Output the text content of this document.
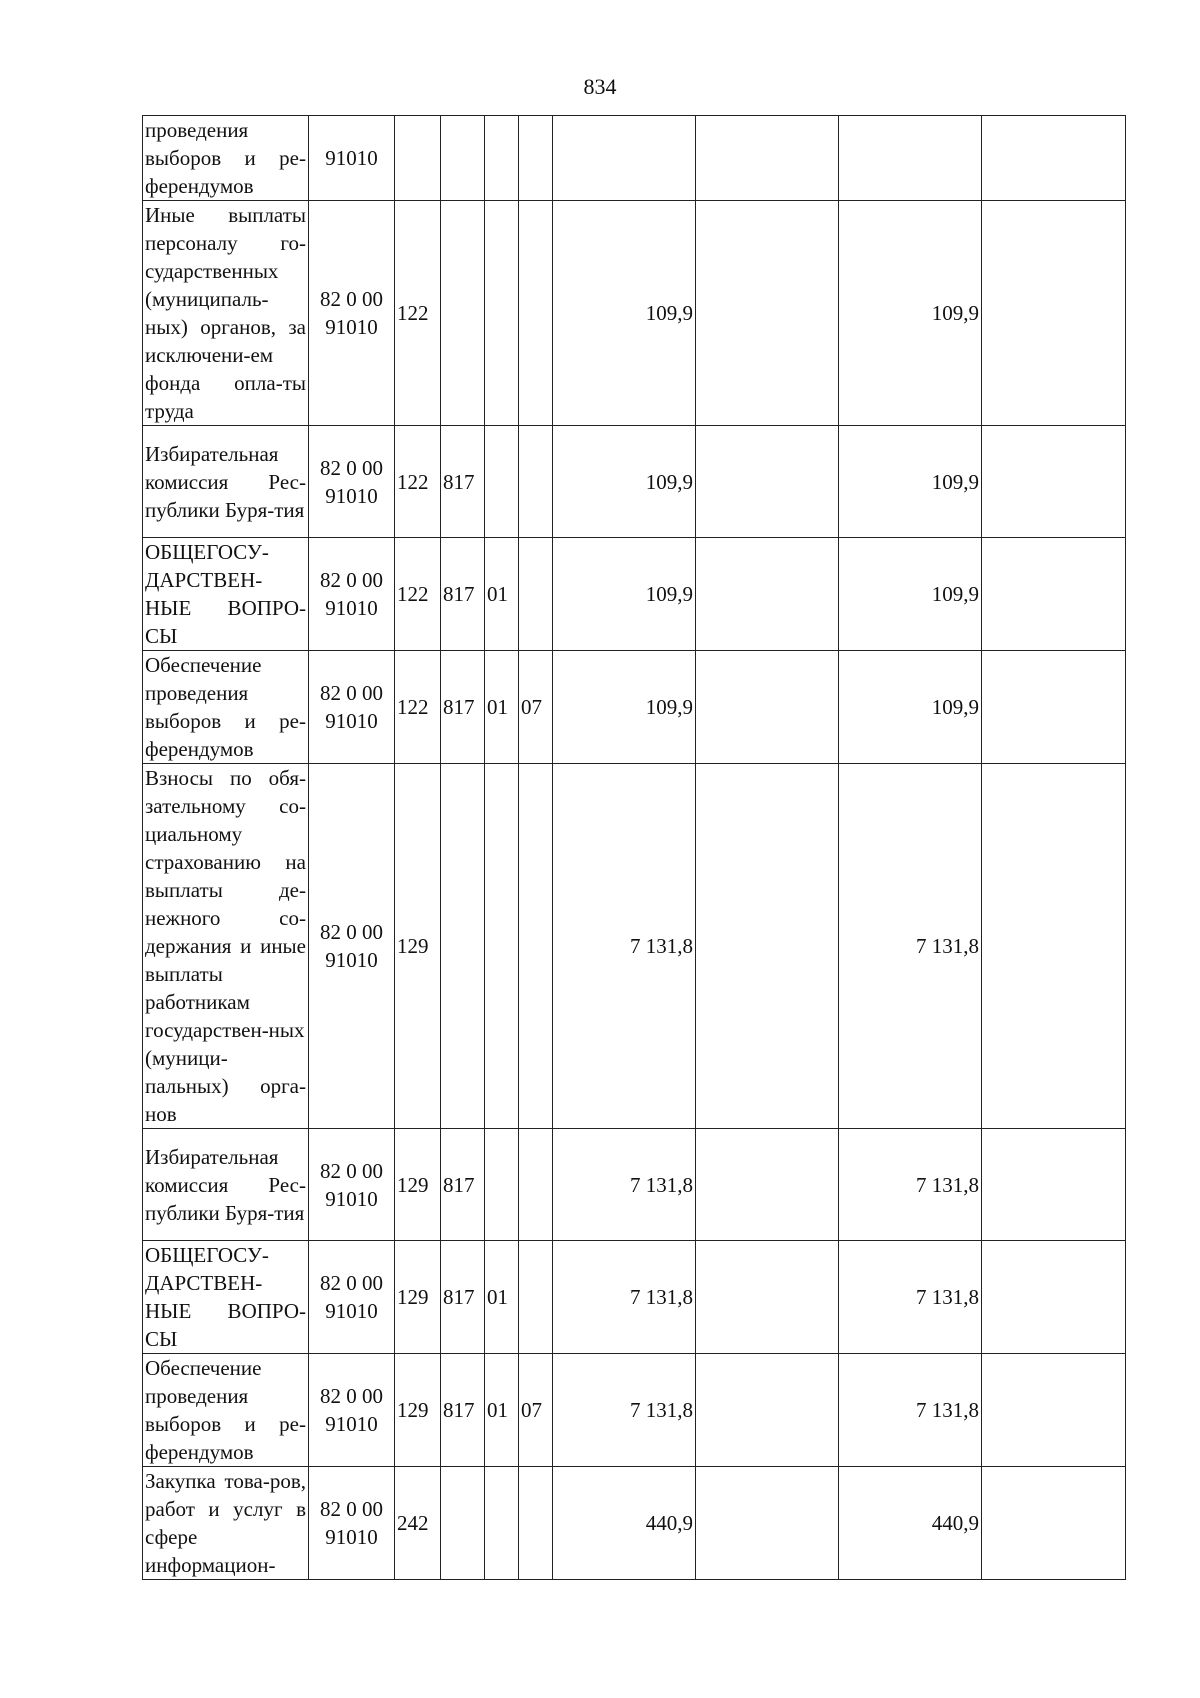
834
проведения выборов и ре-ферендумов	91010								
Иные выплаты персоналу го-сударственных (муниципаль-ных) органов, за исключени-ем фонда опла-ты труда	82 0 00 91010	122				109,9		109,9	
Избирательная комиссия Рес-публики Буря-тия	82 0 00 91010	122	817			109,9		109,9	
ОБЩЕГОСУ-ДАРСТВЕН-НЫЕ ВОПРО-СЫ	82 0 00 91010	122	817	01		109,9		109,9	
Обеспечение проведения выборов и ре-ферендумов	82 0 00 91010	122	817	01	07	109,9		109,9	
Взносы по обя-зательному со-циальному страхованию на выплаты де-нежного со-держания и иные выплаты работникам государствен-ных (муници-пальных) орга-нов	82 0 00 91010	129				7 131,8		7 131,8	
Избирательная комиссия Рес-публики Буря-тия	82 0 00 91010	129	817			7 131,8		7 131,8	
ОБЩЕГОСУ-ДАРСТВЕН-НЫЕ ВОПРО-СЫ	82 0 00 91010	129	817	01		7 131,8		7 131,8	
Обеспечение проведения выборов и ре-ферендумов	82 0 00 91010	129	817	01	07	7 131,8		7 131,8	
Закупка това-ров, работ и услуг в сфере информацион-	82 0 00 91010	242				440,9		440,9	
